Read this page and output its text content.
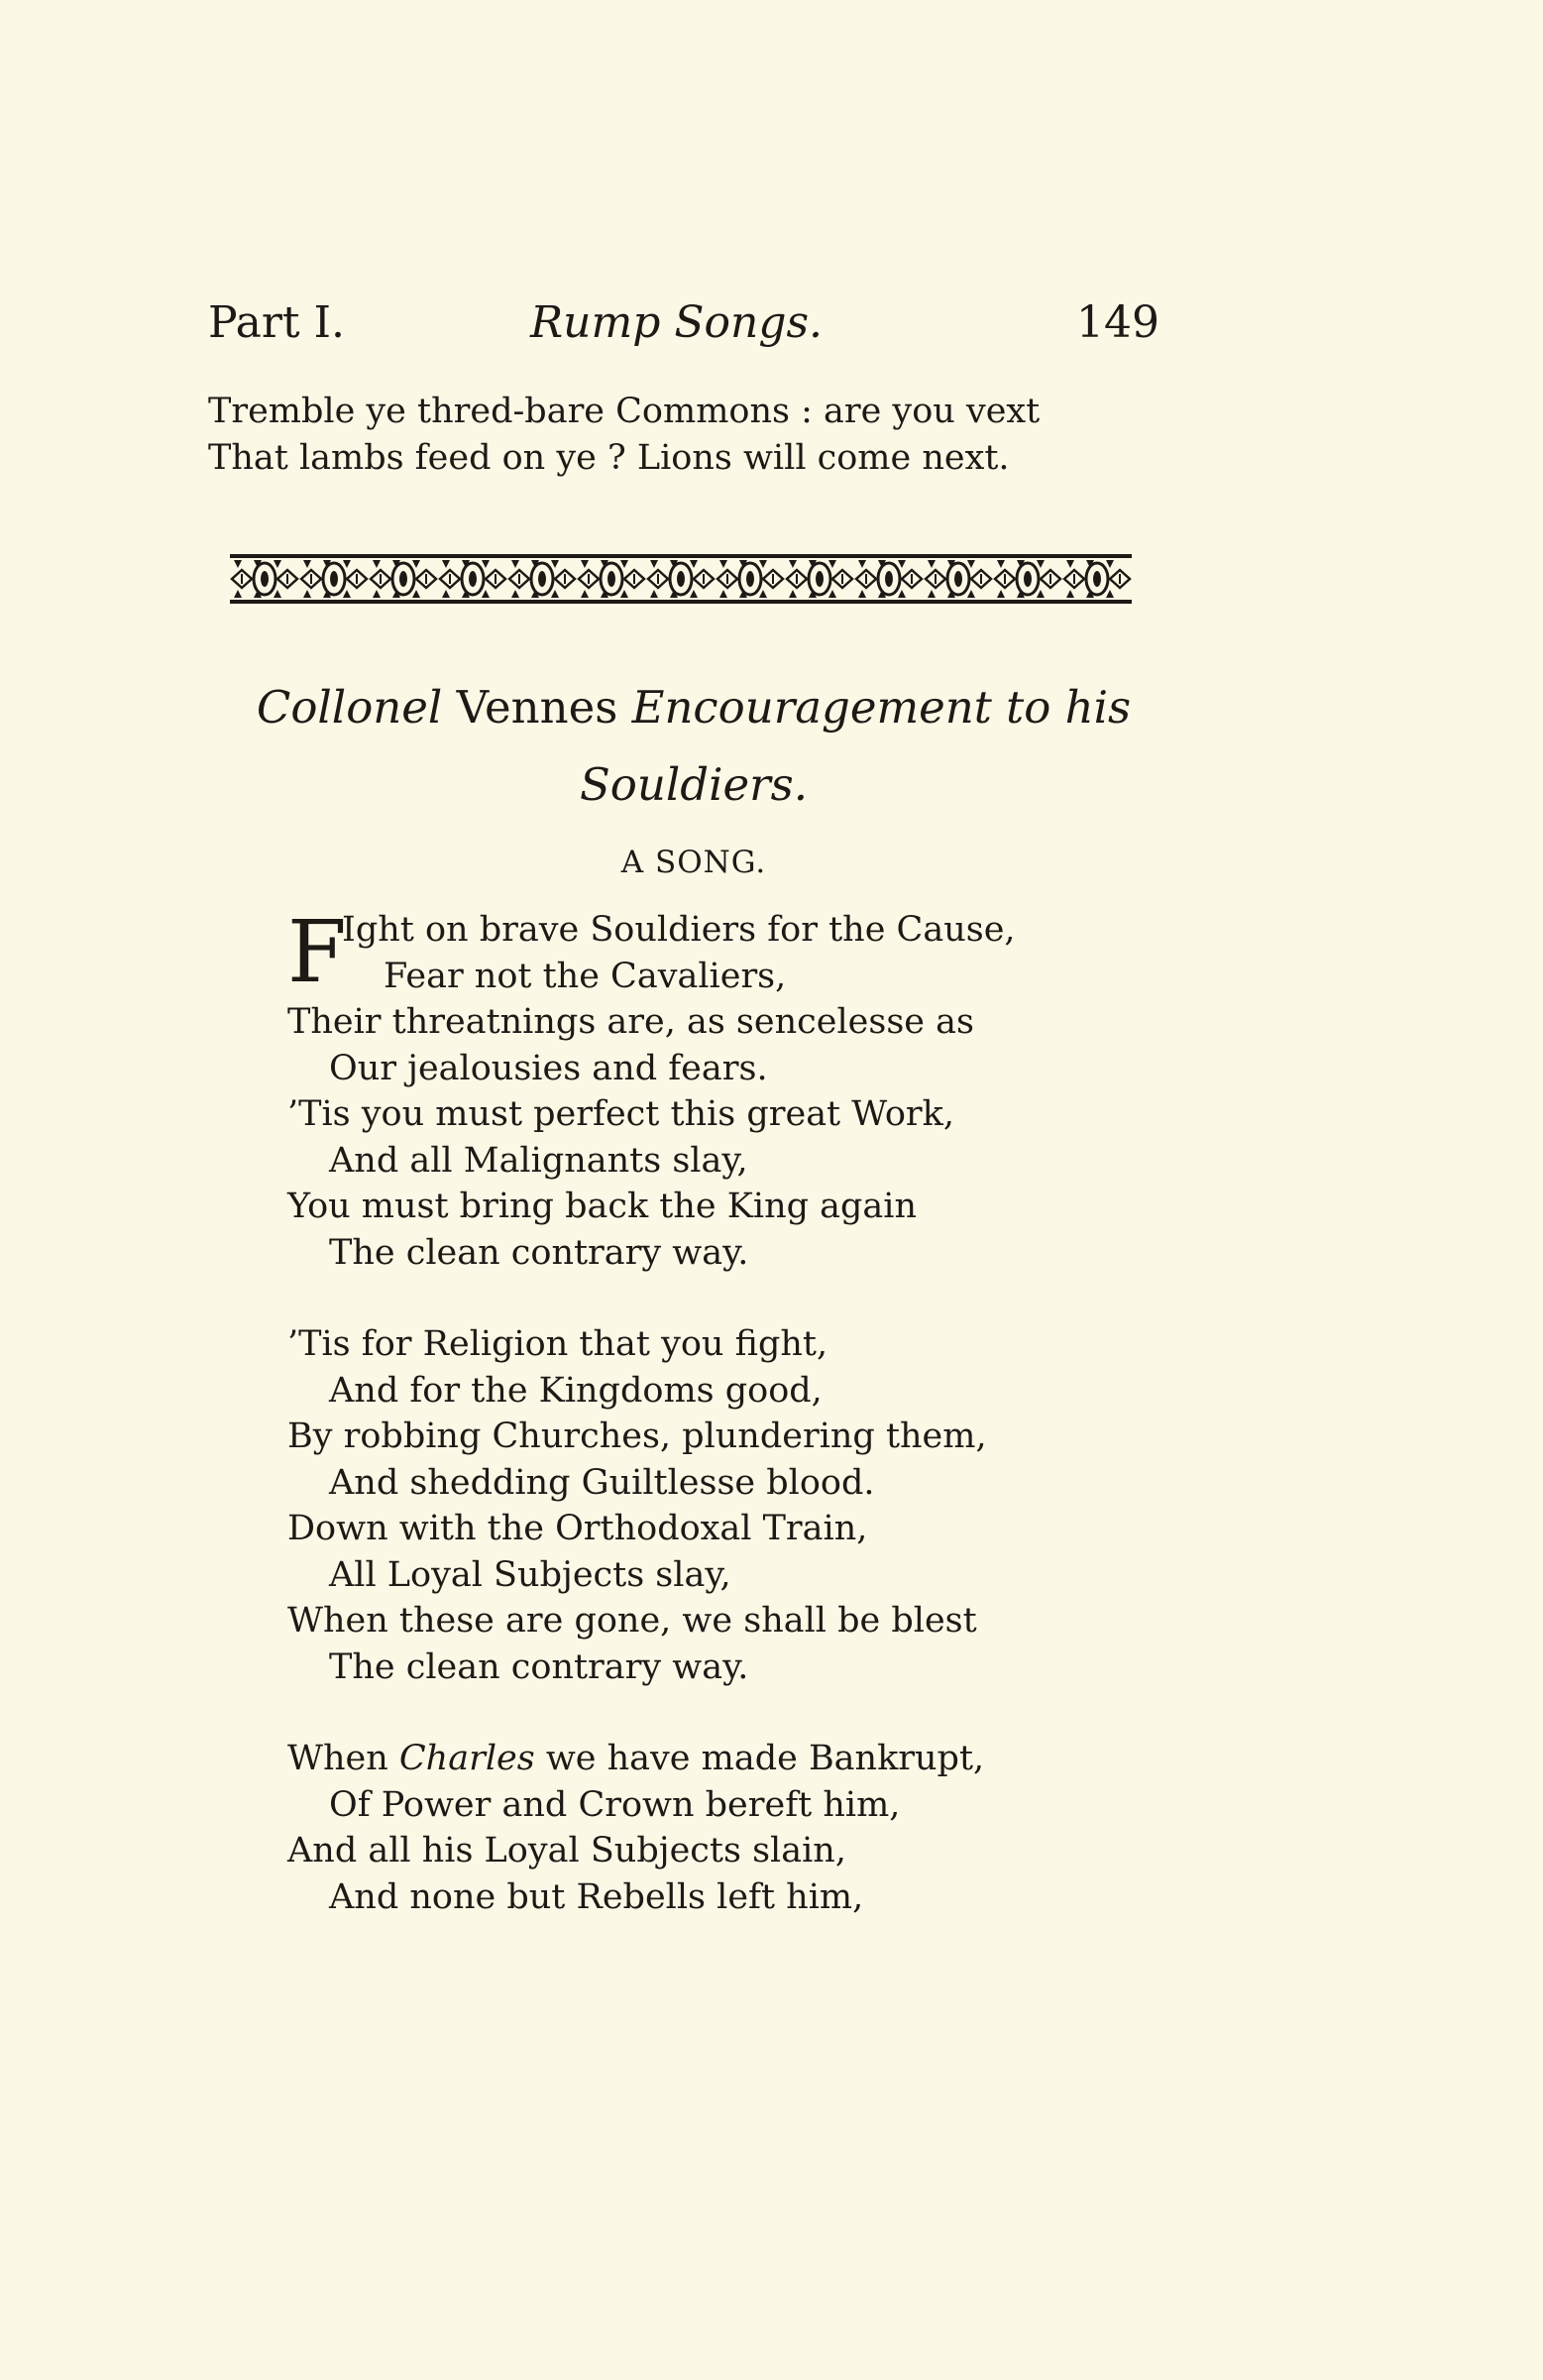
Part I.	Rump Songs.	149
Tremble ye thred-bare Commons : are you vext
That lambs feed on ye ? Lions will come next.
Collonel Vennes Encouragement to his
Souldiers.
A SONG.
F
Ight on brave Souldiers for the Cause,
Fear not the Cavaliers,
Their threatnings are, as sencelesse as
Our jealousies and fears.
’Tis you must perfect this great Work,
And all Malignants slay,
You must bring back the King again
The clean contrary way.
’Tis for Religion that you fight,
And for the Kingdoms good,
By robbing Churches, plundering them,
And shedding Guiltlesse blood.
Down with the Orthodoxal Train,
All Loyal Subjects slay,
When these are gone, we shall be blest
The clean contrary way.
When Charles we have made Bankrupt,
Of Power and Crown bereft him,
And all his Loyal Subjects slain,
And none but Rebells left him,
